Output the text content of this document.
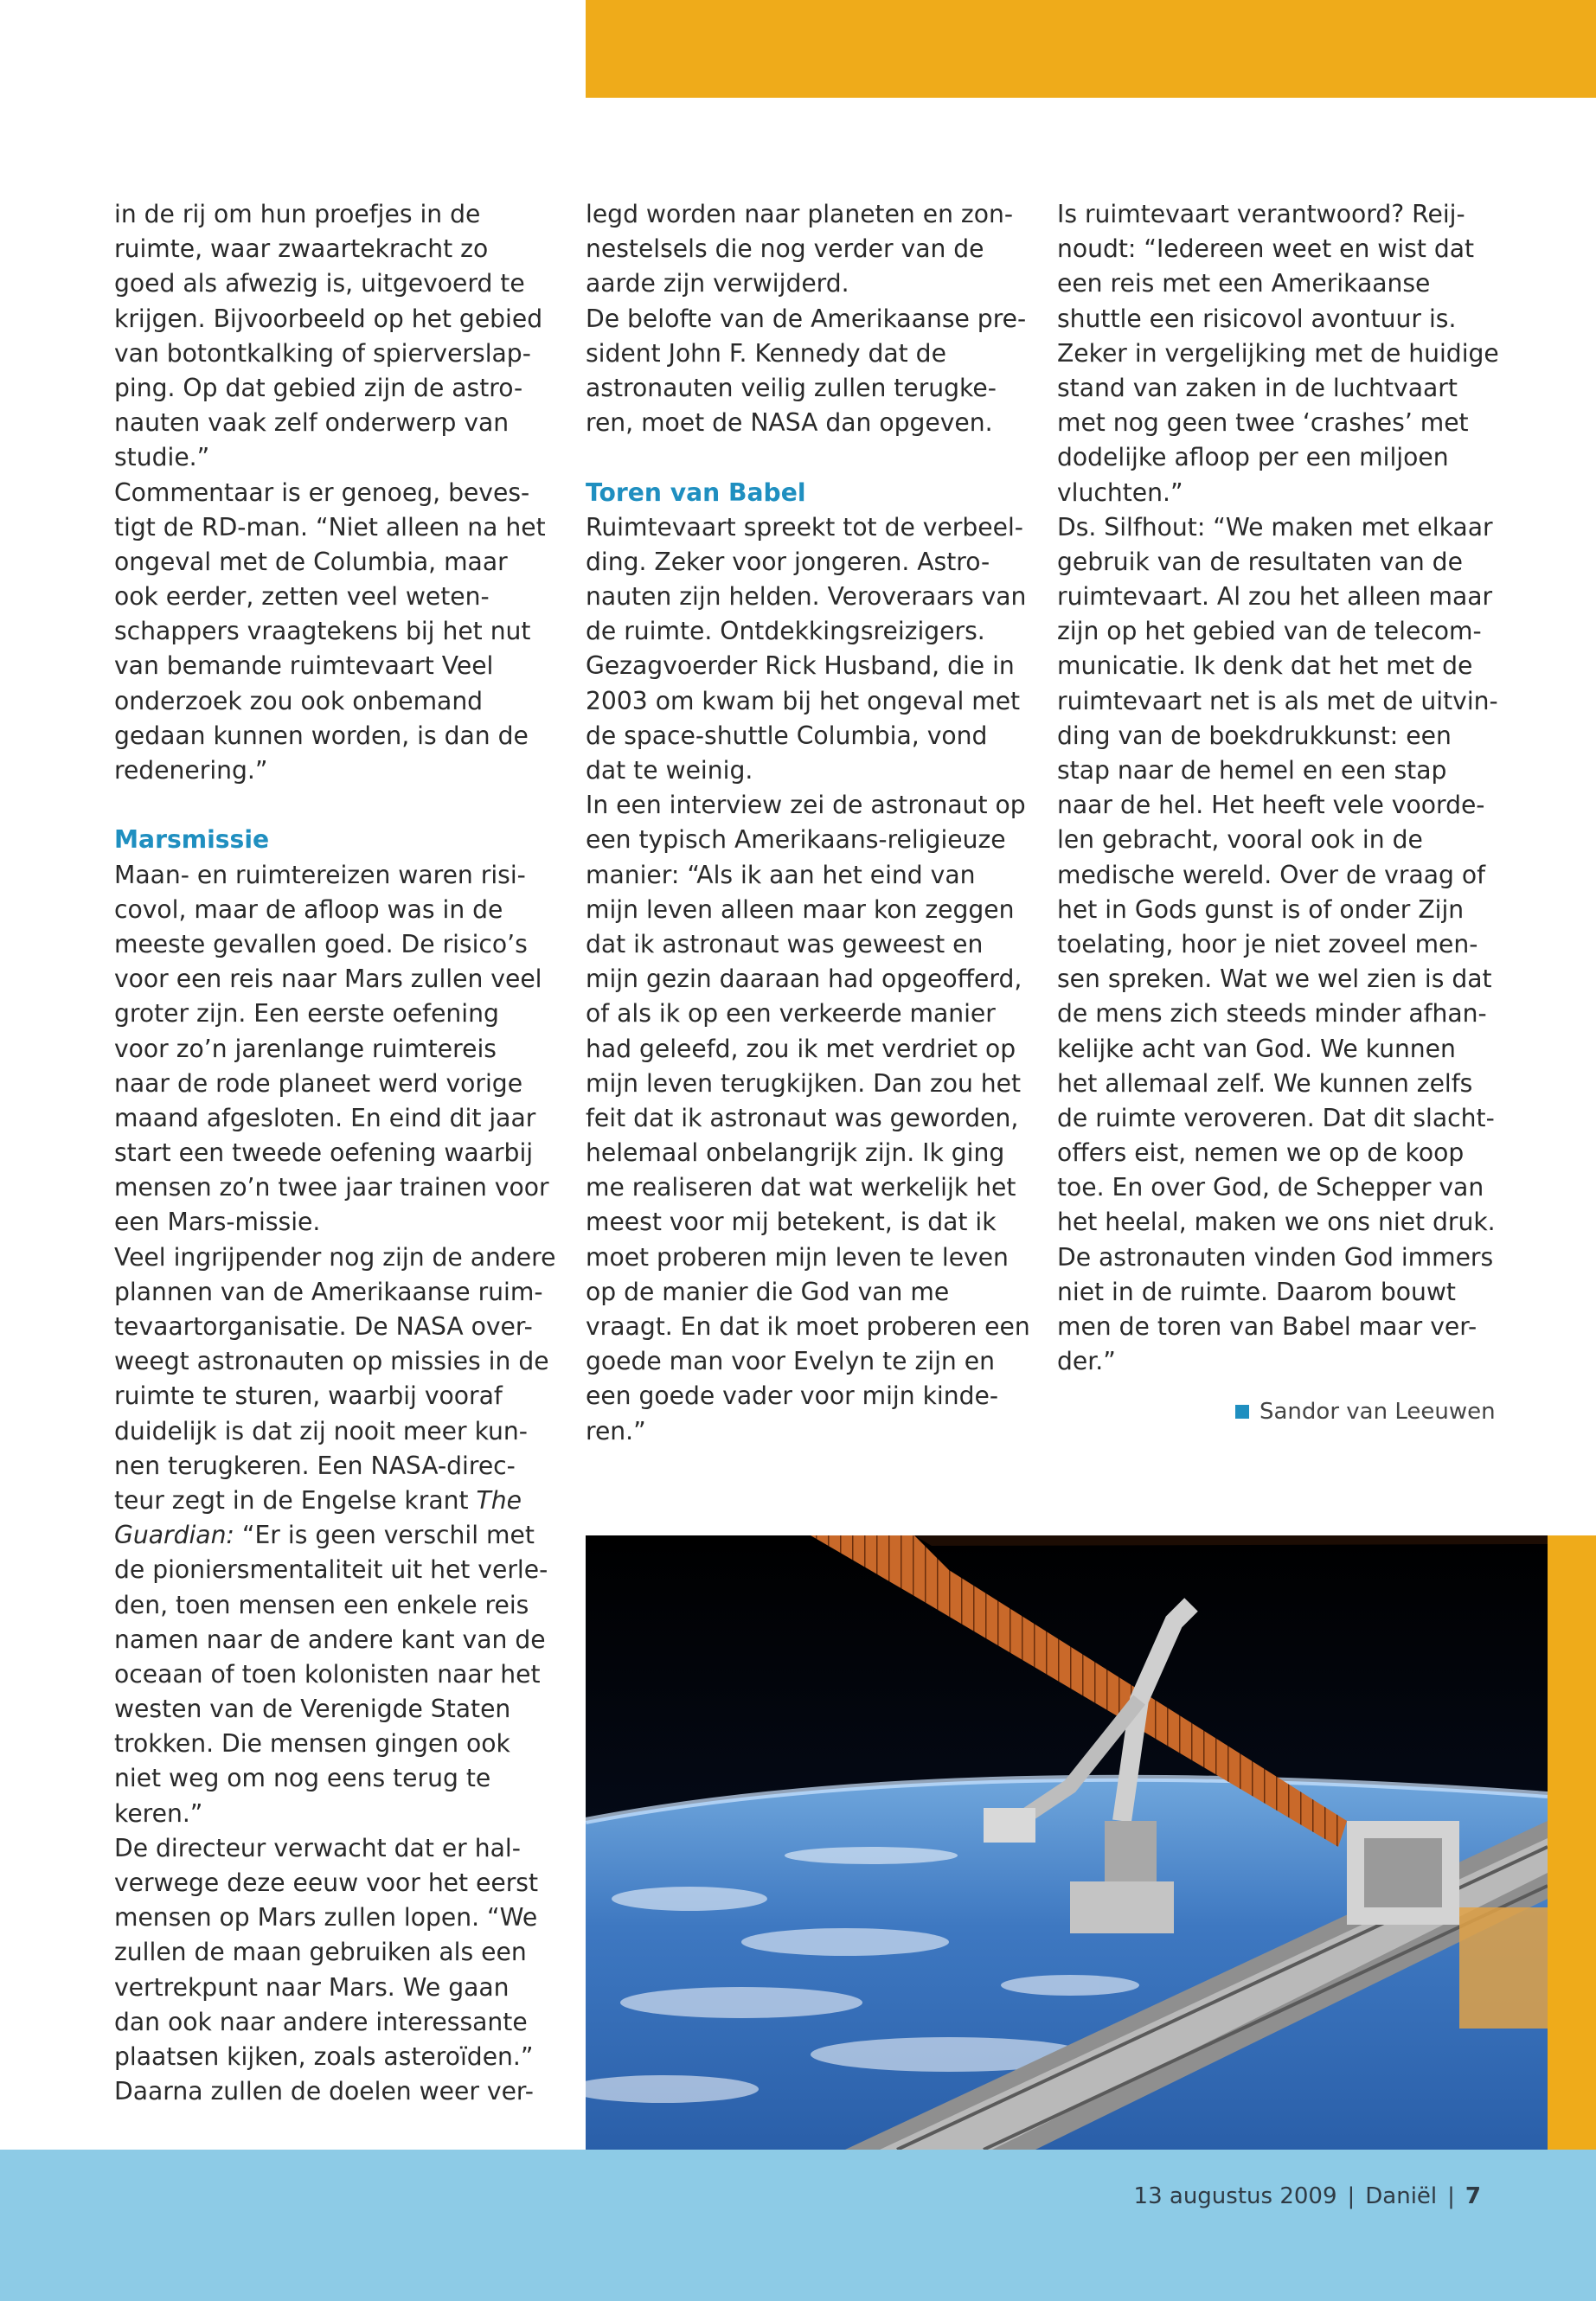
in de rij om hun proefjes in de
ruimte, waar zwaartekracht zo
goed als afwezig is, uitgevoerd te
krijgen. Bijvoorbeeld op het gebied
van botontkalking of spierverslap-
ping. Op dat gebied zijn de astro-
nauten vaak zelf onderwerp van
studie.”
Commentaar is er genoeg, beves-
tigt de RD-man. “Niet alleen na het
ongeval met de Columbia, maar
ook eerder, zetten veel weten-
schappers vraagtekens bij het nut
van bemande ruimtevaart Veel
onderzoek zou ook onbemand
gedaan kunnen worden, is dan de
redenering.”
Marsmissie
Maan- en ruimtereizen waren risi-
covol, maar de afloop was in de
meeste gevallen goed. De risico’s
voor een reis naar Mars zullen veel
groter zijn. Een eerste oefening
voor zo’n jarenlange ruimtereis
naar de rode planeet werd vorige
maand afgesloten. En eind dit jaar
start een tweede oefening waarbij
mensen zo’n twee jaar trainen voor
een Mars-missie.
Veel ingrijpender nog zijn de andere
plannen van de Amerikaanse ruim-
tevaartorganisatie. De NASA over-
weegt astronauten op missies in de
ruimte te sturen, waarbij vooraf
duidelijk is dat zij nooit meer kun-
nen terugkeren. Een NASA-direc-
teur zegt in de Engelse krant The
Guardian: “Er is geen verschil met
de pioniersmentaliteit uit het verle-
den, toen mensen een enkele reis
namen naar de andere kant van de
oceaan of toen kolonisten naar het
westen van de Verenigde Staten
trokken. Die mensen gingen ook
niet weg om nog eens terug te
keren.”
De directeur verwacht dat er hal-
verwege deze eeuw voor het eerst
mensen op Mars zullen lopen. “We
zullen de maan gebruiken als een
vertrekpunt naar Mars. We gaan
dan ook naar andere interessante
plaatsen kijken, zoals asteroïden.”
Daarna zullen de doelen weer ver-
legd worden naar planeten en zon-
nestelsels die nog verder van de
aarde zijn verwijderd.
De belofte van de Amerikaanse pre-
sident John F. Kennedy dat de
astronauten veilig zullen terugke-
ren, moet de NASA dan opgeven.
Toren van Babel
Ruimtevaart spreekt tot de verbeel-
ding. Zeker voor jongeren. Astro-
nauten zijn helden. Veroveraars van
de ruimte. Ontdekkingsreizigers.
Gezagvoerder Rick Husband, die in
2003 om kwam bij het ongeval met
de space-shuttle Columbia, vond
dat te weinig.
In een interview zei de astronaut op
een typisch Amerikaans-religieuze
manier: “Als ik aan het eind van
mijn leven alleen maar kon zeggen
dat ik astronaut was geweest en
mijn gezin daaraan had opgeofferd,
of als ik op een verkeerde manier
had geleefd, zou ik met verdriet op
mijn leven terugkijken. Dan zou het
feit dat ik astronaut was geworden,
helemaal onbelangrijk zijn. Ik ging
me realiseren dat wat werkelijk het
meest voor mij betekent, is dat ik
moet proberen mijn leven te leven
op de manier die God van me
vraagt. En dat ik moet proberen een
goede man voor Evelyn te zijn en
een goede vader voor mijn kinde-
ren.”
Is ruimtevaart verantwoord? Reij-
noudt: “Iedereen weet en wist dat
een reis met een Amerikaanse
shuttle een risicovol avontuur is.
Zeker in vergelijking met de huidige
stand van zaken in de luchtvaart
met nog geen twee ‘crashes’ met
dodelijke afloop per een miljoen
vluchten.”
Ds. Silfhout: “We maken met elkaar
gebruik van de resultaten van de
ruimtevaart. Al zou het alleen maar
zijn op het gebied van de telecom-
municatie. Ik denk dat het met de
ruimtevaart net is als met de uitvin-
ding van de boekdrukkunst: een
stap naar de hemel en een stap
naar de hel. Het heeft vele voorde-
len gebracht, vooral ook in de
medische wereld. Over de vraag of
het in Gods gunst is of onder Zijn
toelating, hoor je niet zoveel men-
sen spreken. Wat we wel zien is dat
de mens zich steeds minder afhan-
kelijke acht van God. We kunnen
het allemaal zelf. We kunnen zelfs
de ruimte veroveren. Dat dit slacht-
offers eist, nemen we op de koop
toe. En over God, de Schepper van
het heelal, maken we ons niet druk.
De astronauten vinden God immers
niet in de ruimte. Daarom bouwt
men de toren van Babel maar ver-
der.”
Sandor van Leeuwen
13 augustus 2009 | Daniël | 7
